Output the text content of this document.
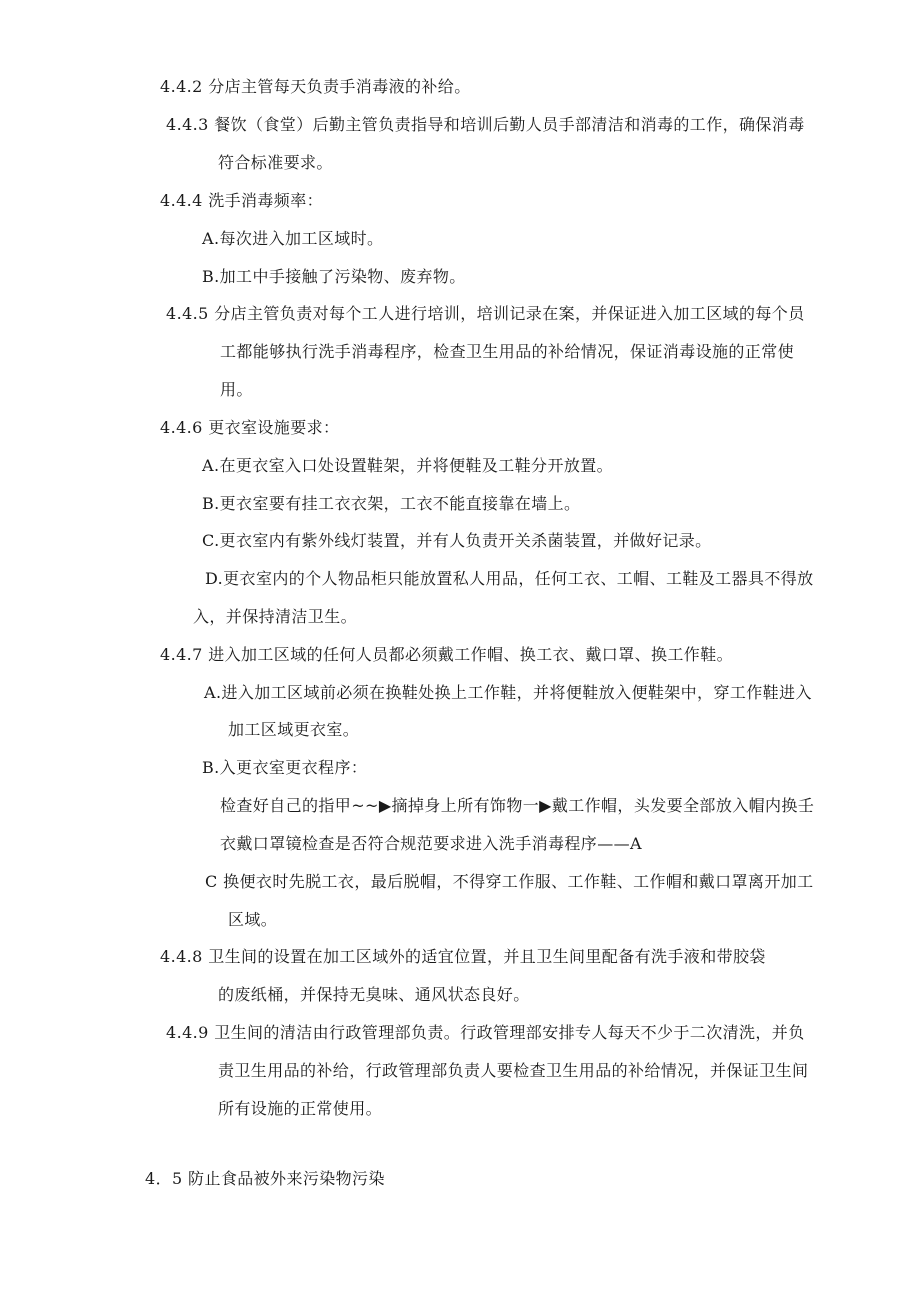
4.4.2 分店主管每天负责手消毒液的补给。
4.4.3 餐饮（食堂）后勤主管负责指导和培训后勤人员手部清洁和消毒的工作，确保消毒
符合标准要求。
4.4.4 洗手消毒频率：
A.每次进入加工区域时。
B.加工中手接触了污染物、废弃物。
4.4.5 分店主管负责对每个工人进行培训，培训记录在案，并保证进入加工区域的每个员
工都能够执行洗手消毒程序，检查卫生用品的补给情况，保证消毒设施的正常使
用。
4.4.6 更衣室设施要求：
A.在更衣室入口处设置鞋架，并将便鞋及工鞋分开放置。
B.更衣室要有挂工衣衣架，工衣不能直接靠在墙上。
C.更衣室内有紫外线灯装置，并有人负责开关杀菌装置，并做好记录。
D.更衣室内的个人物品柜只能放置私人用品，任何工衣、工帽、工鞋及工器具不得放
入，并保持清洁卫生。
4.4.7 进入加工区域的任何人员都必须戴工作帽、换工衣、戴口罩、换工作鞋。
A.进入加工区域前必须在换鞋处换上工作鞋，并将便鞋放入便鞋架中，穿工作鞋进入
加工区域更衣室。
B.入更衣室更衣程序：
检查好自己的指甲~~▶摘掉身上所有饰物一▶戴工作帽，头发要全部放入帽内换壬
衣戴口罩镜检查是否符合规范要求进入洗手消毒程序——A
C 换便衣时先脱工衣，最后脱帽，不得穿工作服、工作鞋、工作帽和戴口罩离开加工
区域。
4.4.8 卫生间的设置在加工区域外的适宜位置，并且卫生间里配备有洗手液和带胶袋
的废纸桶，并保持无臭味、通风状态良好。
4.4.9 卫生间的清洁由行政管理部负责。行政管理部安排专人每天不少于二次清洗，并负
责卫生用品的补给，行政管理部负责人要检查卫生用品的补给情况，并保证卫生间
所有设施的正常使用。
4．5 防止食品被外来污染物污染
